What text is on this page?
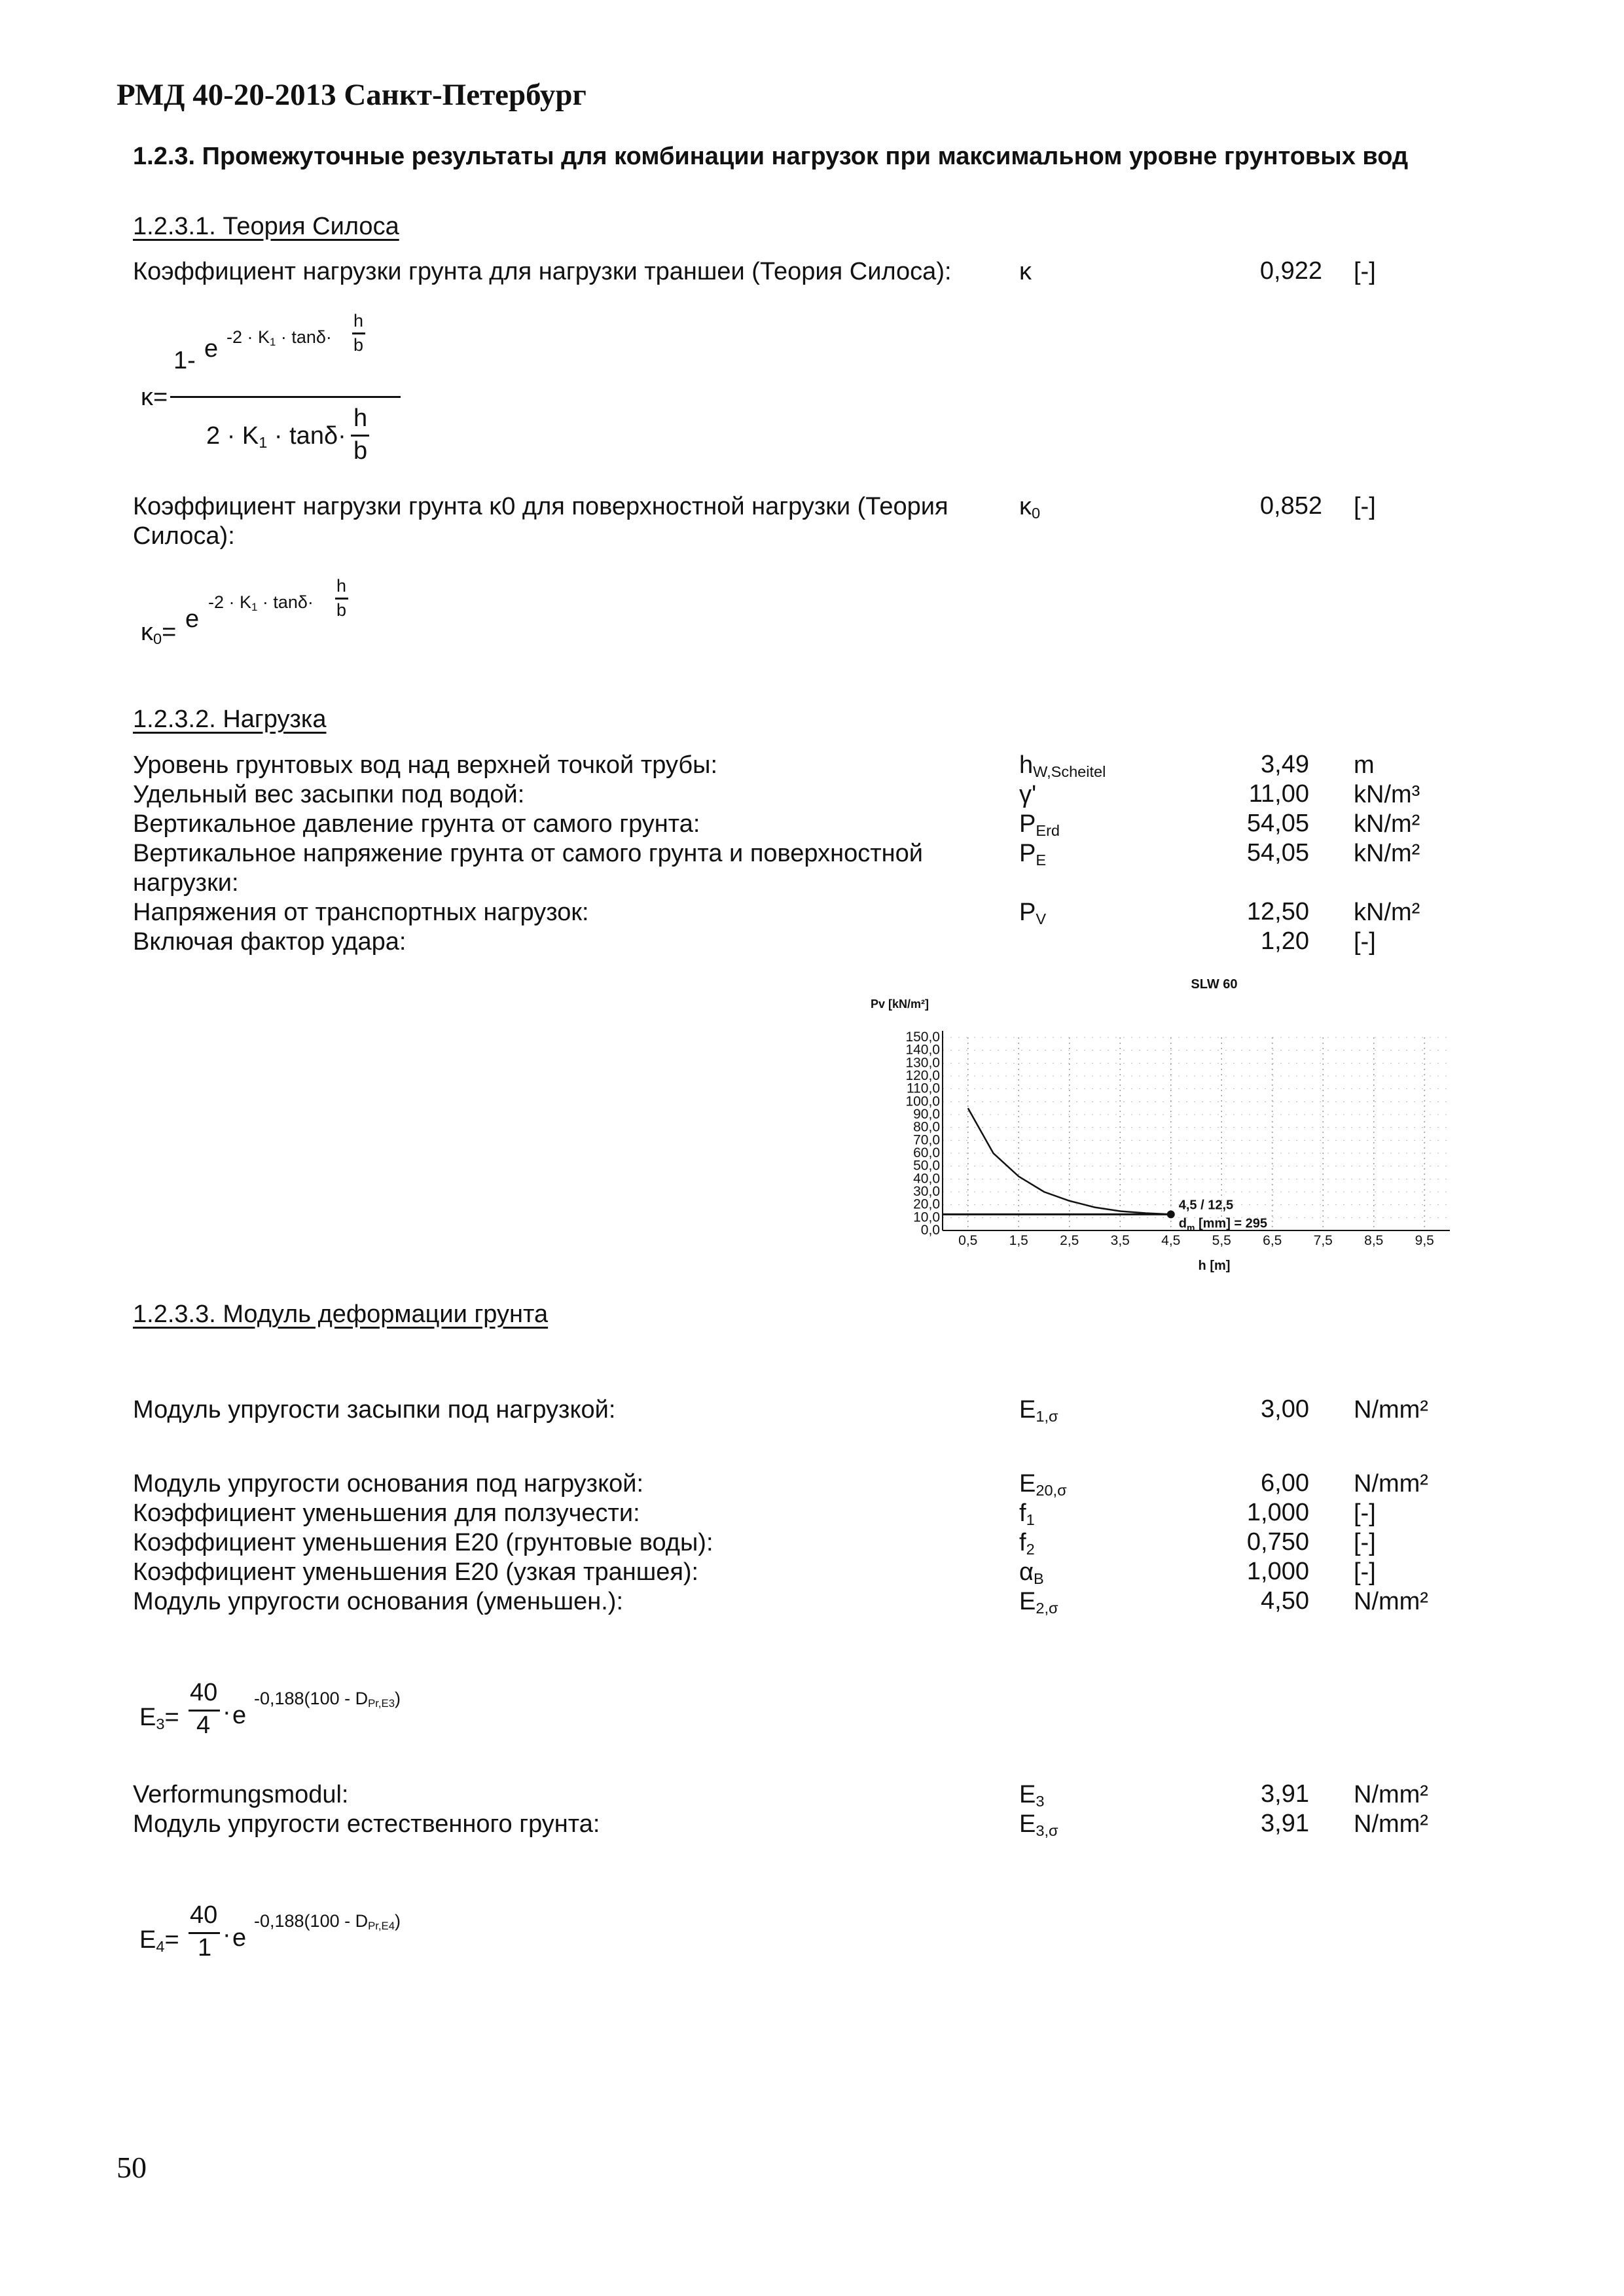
РМД 40-20-2013 Санкт-Петербург
1.2.3. Промежуточные результаты для комбинации нагрузок при максимальном уровне грунтовых вод
1.2.3.1. Теория Силоса
Коэффициент нагрузки грунта для нагрузки траншеи (Теория Силоса):	κ	0,922 [-]
κ=
1- e $-2 \cdot K_1 \cdot \tan\delta\cdot$
h
b
$2 \cdot K_1 \cdot \tan\delta\cdot$
h
b
Коэффициент нагрузки грунта κ0 для поверхностной нагрузки (Теория
Силоса):
$\kappa_0$	0,852 [-]
$\kappa_0= e$
$-2 \cdot K_1 \cdot \tan\delta\cdot$
h
b
1.2.3.2. Нагрузка
Уровень грунтовых вод над верхней точкой трубы:	$h_{W,Scheitel}$	3,49 m
Удельный вес засыпки под водой:	γ'	11,00 kN/m³
Вертикальное давление грунта от самого грунта:	$P_{Erd}$	54,05 kN/m²
Вертикальное напряжение грунта от самого грунта и поверхностной
нагрузки:
$P_E$	54,05 kN/m²
Напряжения от транспортных нагрузок:	$P_V$	12,50 kN/m²
Включая фактор удара:	1,20 [-]
0,0
10,0
20,0
30,0
40,0
50,0
60,0
70,0
80,0
90,0
100,0
110,0
120,0
130,0
140,0
150,0
0,5 1,5 2,5 3,5 4,5 5,5 6,5 7,5 8,5 9,5
SLW 60
Pv [kN/m²]
h [m]
4,5 / 12,5
$d_m$ [mm] = 295
1.2.3.3. Модуль деформации грунта
Модуль упругости засыпки под нагрузкой:	$E_{1,\sigma}$	3,00 N/mm²
Модуль упругости основания под нагрузкой:	$E_{20,\sigma}$	6,00 N/mm²
Коэффициент уменьшения для ползучести:	$f_1$	1,000 [-]
Коэффициент уменьшения E20 (грунтовые воды):	$f_2$	0,750 [-]
Коэффициент уменьшения E20 (узкая траншея):	$\alpha_B$	1,000 [-]
Модуль упругости основания (уменьшен.):	$E_{2,\sigma}$	4,50 N/mm²
$E_3=$
40
4 · e
$-0,188(100 - D_{Pr,E3})$
Verformungsmodul:	$E_3$	3,91 N/mm²
Модуль упругости естественного грунта:	$E_{3,\sigma}$	3,91 N/mm²
$E_4=$
40
1 · e
$-0,188(100 - D_{Pr,E4})$
50
